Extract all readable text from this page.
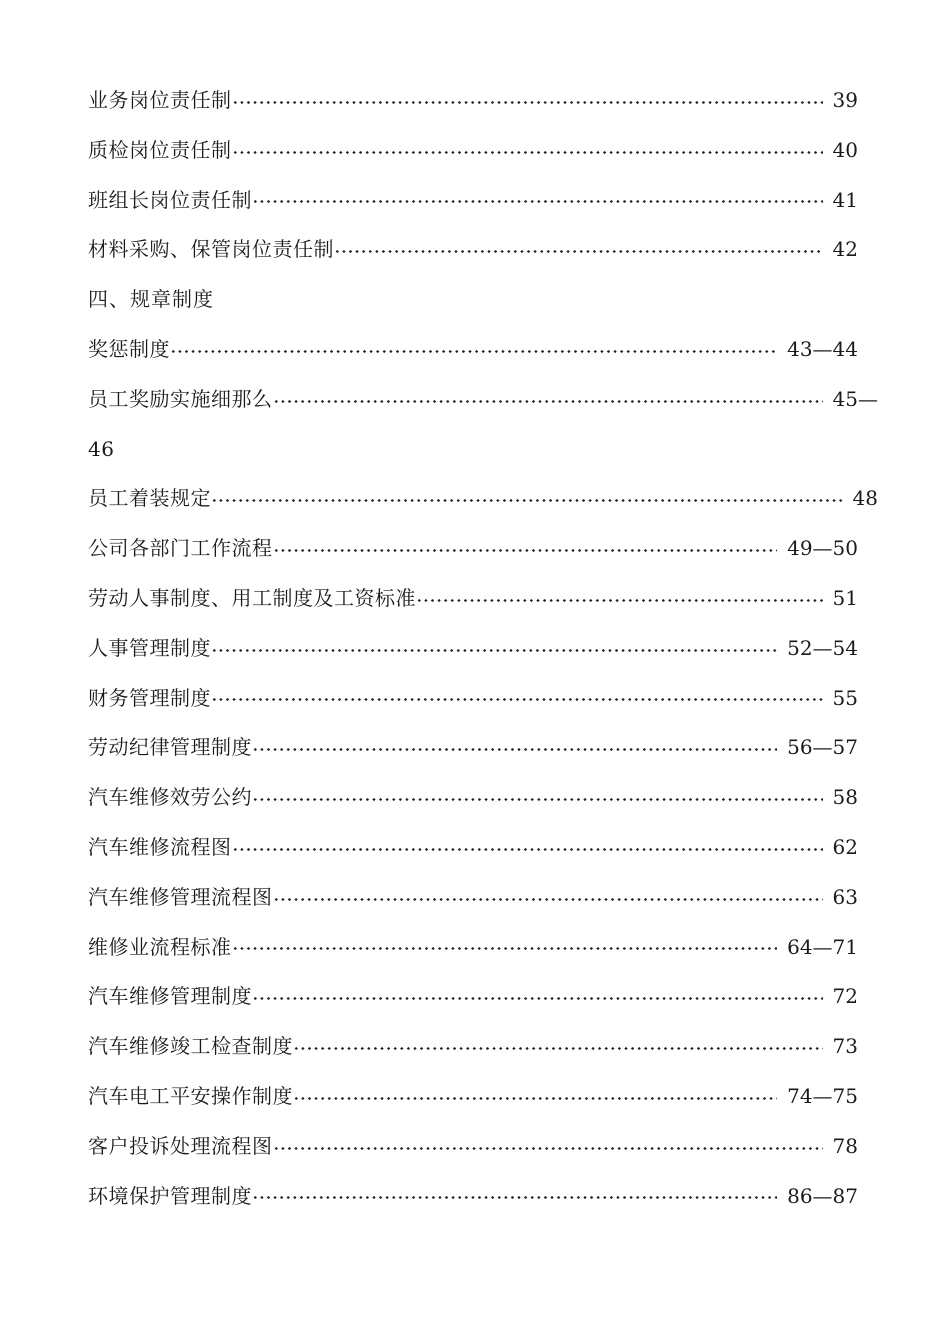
业务岗位责任制	39
质检岗位责任制	40
班组长岗位责任制	41
材料采购、保管岗位责任制	42
四、规章制度
奖惩制度	43—44
员工奖励实施细那么	45—
46
员工着装规定	48
公司各部门工作流程	49—50
劳动人事制度、用工制度及工资标准	51
人事管理制度	52—54
财务管理制度	55
劳动纪律管理制度	56—57
汽车维修效劳公约	58
汽车维修流程图	62
汽车维修管理流程图	63
维修业流程标准	64—71
汽车维修管理制度	72
汽车维修竣工检查制度	73
汽车电工平安操作制度	74—75
客户投诉处理流程图	78
环境保护管理制度	86—87
